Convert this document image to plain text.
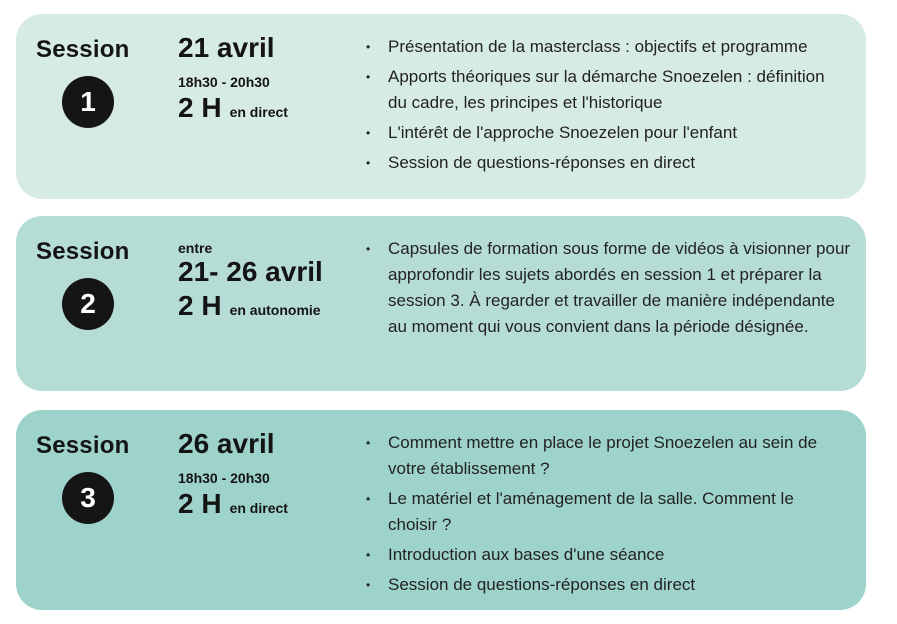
Session
1
21 avril
18h30 - 20h30
2 H en direct
• Présentation de la masterclass : objectifs et programme
• Apports théoriques sur la démarche Snoezelen : définition du cadre, les principes et l'historique
• L'intérêt de l'approche Snoezelen pour l'enfant
• Session de questions-réponses en direct
Session
2
entre
21- 26 avril
2 H en autonomie
• Capsules de formation sous forme de vidéos à visionner pour approfondir les sujets abordés en session 1 et préparer la session 3. À regarder et travailler de manière indépendante au moment qui vous convient dans la période désignée.
Session
3
26 avril
18h30 - 20h30
2 H en direct
• Comment mettre en place le projet Snoezelen au sein de votre établissement ?
• Le matériel et l'aménagement de la salle. Comment le choisir ?
• Introduction aux bases d'une séance
• Session de questions-réponses en direct
